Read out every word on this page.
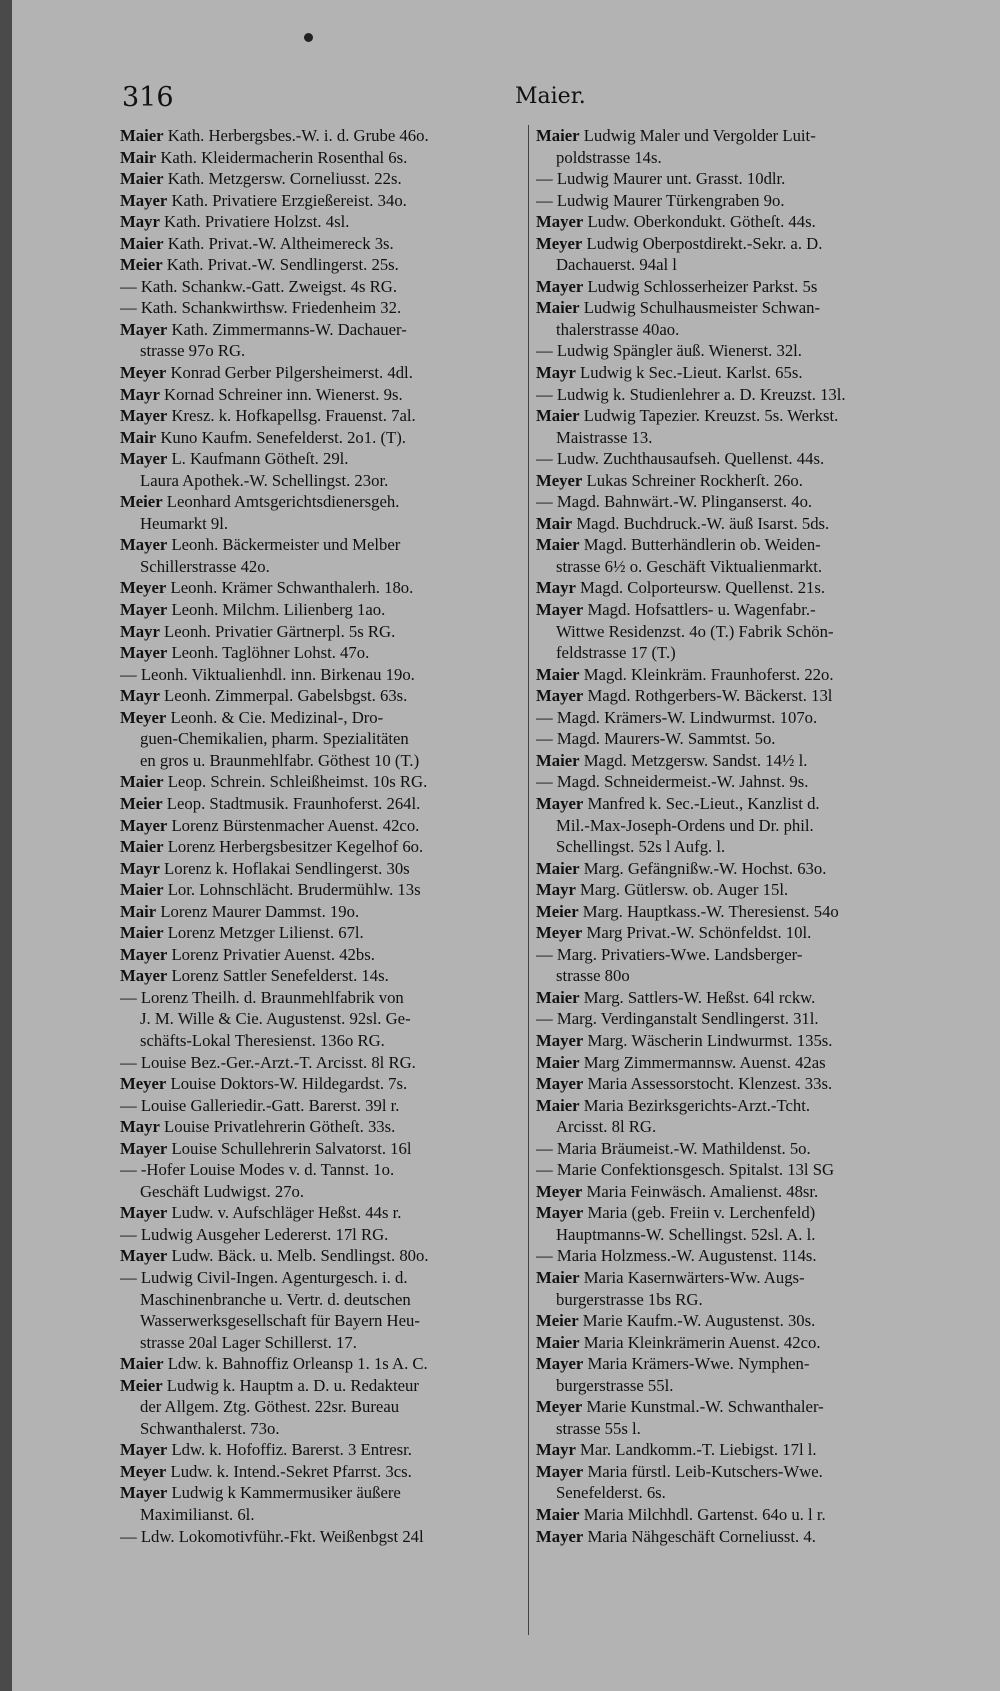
316	Maier.
Maier Kath. Herbergsbes.-W. i. d. Grube 46o.
Mair Kath. Kleidermacherin Rosenthal 6s.
Maier Kath. Metzgersw. Corneliusst. 22s.
Mayer Kath. Privatiere Erzgießereist. 34o.
Mayr Kath. Privatiere Holzst. 4sl.
Maier Kath. Privat.-W. Altheimereck 3s.
Meier Kath. Privat.-W. Sendlingerst. 25s.
— Kath. Schankw.-Gatt. Zweigst. 4s RG.
— Kath. Schankwirthsw. Friedenheim 32.
Mayer Kath. Zimmermanns-W. Dachauer-
strasse 97o RG.
Meyer Konrad Gerber Pilgersheimerst. 4dl.
Mayr Kornad Schreiner inn. Wienerst. 9s.
Mayer Kresz. k. Hofkapellsg. Frauenst. 7al.
Mair Kuno Kaufm. Senefelderst. 2o1. (T).
Mayer L. Kaufmann Götheſt. 29l.
Laura Apothek.-W. Schellingst. 23or.
Meier Leonhard Amtsgerichtsdienersgeh.
Heumarkt 9l.
Mayer Leonh. Bäckermeister und Melber
Schillerstrasse 42o.
Meyer Leonh. Krämer Schwanthalerh. 18o.
Mayer Leonh. Milchm. Lilienberg 1ao.
Mayr Leonh. Privatier Gärtnerpl. 5s RG.
Mayer Leonh. Taglöhner Lohst. 47o.
— Leonh. Viktualienhdl. inn. Birkenau 19o.
Mayr Leonh. Zimmerpal. Gabelsbgst. 63s.
Meyer Leonh. & Cie. Medizinal-, Dro-
guen-Chemikalien, pharm. Spezialitäten
en gros u. Braunmehlfabr. Göthest 10 (T.)
Maier Leop. Schrein. Schleißheimst. 10s RG.
Meier Leop. Stadtmusik. Fraunhoferst. 264l.
Mayer Lorenz Bürstenmacher Auenst. 42co.
Maier Lorenz Herbergsbesitzer Kegelhof 6o.
Mayr Lorenz k. Hoflakai Sendlingerst. 30s
Maier Lor. Lohnschlächt. Brudermühlw. 13s
Mair Lorenz Maurer Dammst. 19o.
Maier Lorenz Metzger Lilienst. 67l.
Mayer Lorenz Privatier Auenst. 42bs.
Mayer Lorenz Sattler Senefelderst. 14s.
— Lorenz Theilh. d. Braunmehlfabrik von
J. M. Wille & Cie. Augustenst. 92sl. Ge-
schäfts-Lokal Theresienst. 136o RG.
— Louise Bez.-Ger.-Arzt.-T. Arcisst. 8l RG.
Meyer Louise Doktors-W. Hildegardst. 7s.
— Louise Galleriedir.-Gatt. Barerst. 39l r.
Mayr Louise Privatlehrerin Götheſt. 33s.
Mayer Louise Schullehrerin Salvatorst. 16l
— -Hofer Louise Modes v. d. Tannst. 1o.
Geschäft Ludwigst. 27o.
Mayer Ludw. v. Aufschläger Heßst. 44s r.
— Ludwig Ausgeher Ledererst. 17l RG.
Mayer Ludw. Bäck. u. Melb. Sendlingst. 80o.
— Ludwig Civil-Ingen. Agenturgesch. i. d.
Maschinenbranche u. Vertr. d. deutschen
Wasserwerksgesellschaft für Bayern Heu-
strasse 20al Lager Schillerst. 17.
Maier Ldw. k. Bahnoffiz Orleansp 1. 1s A. C.
Meier Ludwig k. Hauptm a. D. u. Redakteur
der Allgem. Ztg. Göthest. 22sr. Bureau
Schwanthalerst. 73o.
Mayer Ldw. k. Hofoffiz. Barerst. 3 Entresr.
Meyer Ludw. k. Intend.-Sekret Pfarrst. 3cs.
Mayer Ludwig k Kammermusiker äußere
Maximilianst. 6l.
— Ldw. Lokomotivführ.-Fkt. Weißenbgst 24l
Maier Ludwig Maler und Vergolder Luit-
poldstrasse 14s.
— Ludwig Maurer unt. Grasst. 10dlr.
— Ludwig Maurer Türkengraben 9o.
Mayer Ludw. Oberkondukt. Götheſt. 44s.
Meyer Ludwig Oberpostdirekt.-Sekr. a. D.
Dachauerst. 94al l
Mayer Ludwig Schlosserheizer Parkst. 5s
Maier Ludwig Schulhausmeister Schwan-
thalerstrasse 40ao.
— Ludwig Spängler äuß. Wienerst. 32l.
Mayr Ludwig k Sec.-Lieut. Karlst. 65s.
— Ludwig k. Studienlehrer a. D. Kreuzst. 13l.
Maier Ludwig Tapezier. Kreuzst. 5s. Werkst.
Maistrasse 13.
— Ludw. Zuchthausaufseh. Quellenst. 44s.
Meyer Lukas Schreiner Rockherſt. 26o.
— Magd. Bahnwärt.-W. Plinganserst. 4o.
Mair Magd. Buchdruck.-W. äuß Isarst. 5ds.
Maier Magd. Butterhändlerin ob. Weiden-
strasse 6½ o. Geschäft Viktualienmarkt.
Mayr Magd. Colporteursw. Quellenst. 21s.
Mayer Magd. Hofsattlers- u. Wagenfabr.-
Wittwe Residenzst. 4o (T.) Fabrik Schön-
feldstrasse 17 (T.)
Maier Magd. Kleinkräm. Fraunhoferst. 22o.
Mayer Magd. Rothgerbers-W. Bäckerst. 13l
— Magd. Krämers-W. Lindwurmst. 107o.
— Magd. Maurers-W. Sammtst. 5o.
Maier Magd. Metzgersw. Sandst. 14½ l.
— Magd. Schneidermeist.-W. Jahnst. 9s.
Mayer Manfred k. Sec.-Lieut., Kanzlist d.
Mil.-Max-Joseph-Ordens und Dr. phil.
Schellingst. 52s l Aufg. l.
Maier Marg. Gefängnißw.-W. Hochst. 63o.
Mayr Marg. Gütlersw. ob. Auger 15l.
Meier Marg. Hauptkass.-W. Theresienst. 54o
Meyer Marg Privat.-W. Schönfeldst. 10l.
— Marg. Privatiers-Wwe. Landsberger-
strasse 80o
Maier Marg. Sattlers-W. Heßst. 64l rckw.
— Marg. Verdinganstalt Sendlingerst. 31l.
Mayer Marg. Wäscherin Lindwurmst. 135s.
Maier Marg Zimmermannsw. Auenst. 42as
Mayer Maria Assessorstocht. Klenzest. 33s.
Maier Maria Bezirksgerichts-Arzt.-Tcht.
Arcisst. 8l RG.
— Maria Bräumeist.-W. Mathildenst. 5o.
— Marie Confektionsgesch. Spitalst. 13l SG
Meyer Maria Feinwäsch. Amalienst. 48sr.
Mayer Maria (geb. Freiin v. Lerchenfeld)
Hauptmanns-W. Schellingst. 52sl. A. l.
— Maria Holzmess.-W. Augustenst. 114s.
Maier Maria Kasernwärters-Ww. Augs-
burgerstrasse 1bs RG.
Meier Marie Kaufm.-W. Augustenst. 30s.
Maier Maria Kleinkrämerin Auenst. 42co.
Mayer Maria Krämers-Wwe. Nymphen-
burgerstrasse 55l.
Meyer Marie Kunstmal.-W. Schwanthaler-
strasse 55s l.
Mayr Mar. Landkomm.-T. Liebigst. 17l l.
Mayer Maria fürstl. Leib-Kutschers-Wwe.
Senefelderst. 6s.
Maier Maria Milchhdl. Gartenst. 64o u. l r.
Mayer Maria Nähgeschäft Corneliusst. 4.
